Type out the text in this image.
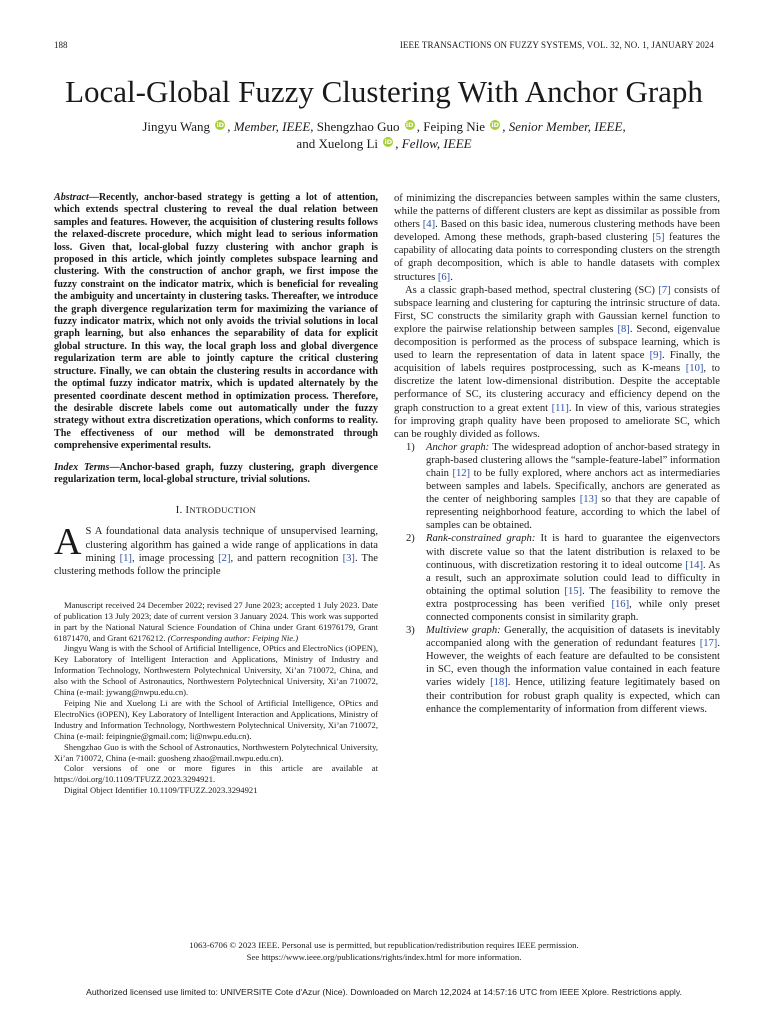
188	IEEE TRANSACTIONS ON FUZZY SYSTEMS, VOL. 32, NO. 1, JANUARY 2024
Local-Global Fuzzy Clustering With Anchor Graph
Jingyu Wang iD , Member, IEEE, Shengzhao Guo iD , Feiping Nie iD , Senior Member, IEEE,
and Xuelong Li iD , Fellow, IEEE

Abstract—Recently, anchor-based strategy is getting a lot of attention, which extends spectral clustering to reveal the dual relation between samples and features. However, the acquisition of clustering results follows the relaxed-discrete procedure, which might lead to serious information loss. Given that, local-global fuzzy clustering with anchor graph is proposed in this article, which jointly completes subspace learning and clustering. With the construction of anchor graph, we first impose the fuzzy constraint on the indicator matrix, which is beneficial for revealing the ambiguity and uncertainty in clustering tasks. Thereafter, we introduce the graph divergence regularization term for maximizing the variance of fuzzy indicator matrix, which not only avoids the trivial solutions in local graph learning, but also enhances the separability of data for explicit global structure. In this way, the local graph loss and global divergence regularization term are able to jointly capture the critical clustering structure. Finally, we can obtain the clustering results in accordance with the optimal fuzzy indicator matrix, which is updated alternately by the presented coordinate descent method in optimization process. Therefore, the desirable discrete labels come out automatically under the fuzzy strategy without extra discretization operations, which conforms to reality. The effectiveness of our method will be demonstrated through comprehensive experimental results.

Index Terms—Anchor-based graph, fuzzy clustering, graph divergence regularization term, local-global structure, trivial solutions.

I. INTRODUCTION

A S A foundational data analysis technique of unsupervised learning, clustering algorithm has gained a wide range of applications in data mining [1], image processing [2], and pattern recognition [3]. The clustering methods follow the principle

Manuscript received 24 December 2022; revised 27 June 2023; accepted 1 July 2023. Date of publication 13 July 2023; date of current version 3 January 2024. This work was supported in part by the National Natural Science Foundation of China under Grant 61976179, Grant 61871470, and Grant 62176212. (Corresponding author: Feiping Nie.)

Jingyu Wang is with the School of Artificial Intelligence, OPtics and ElectroNics (iOPEN), Key Laboratory of Intelligent Interaction and Applications, Ministry of Industry and Information Technology, Northwestern Polytechnical University, Xi’an 710072, China, and also with the School of Astronautics, Northwestern Polytechnical University, Xi’an 710072, China (e-mail: jywang@nwpu.edu.cn).

Feiping Nie and Xuelong Li are with the School of Artificial Intelligence, OPtics and ElectroNics (iOPEN), Key Laboratory of Intelligent Interaction and Applications, Ministry of Industry and Information Technology, Northwestern Polytechnical University, Xi’an 710072, China (e-mail: feipingnie@gmail.com; li@nwpu.edu.cn).

Shengzhao Guo is with the School of Astronautics, Northwestern Polytechnical University, Xi’an 710072, China (e-mail: guosheng zhao@mail.nwpu.edu.cn).

Color versions of one or more figures in this article are available at https://doi.org/10.1109/TFUZZ.2023.3294921.

Digital Object Identifier 10.1109/TFUZZ.2023.3294921

of minimizing the discrepancies between samples within the same clusters, while the patterns of different clusters are kept as dissimilar as possible from others [4]. Based on this basic idea, numerous clustering methods have been developed. Among these methods, graph-based clustering [5] features the capability of allocating data points to corresponding clusters on the strength of graph decomposition, which is able to handle datasets with complex structures [6].

As a classic graph-based method, spectral clustering (SC) [7] consists of subspace learning and clustering for capturing the intrinsic structure of data. First, SC constructs the similarity graph with Gaussian kernel function to explore the pairwise relationship between samples [8]. Second, eigenvalue decomposition is performed as the process of subspace learning, which is used to learn the representation of data in latent space [9]. Finally, the acquisition of labels requires postprocessing, such as K-means [10], to discretize the latent low-dimensional distribution. Despite the acceptable performance of SC, its clustering accuracy and efficiency depend on the graph construction to a great extent [11]. In view of this, various strategies for improving graph quality have been proposed to ameliorate SC, which can be roughly divided as follows.

1) Anchor graph: The widespread adoption of anchor-based strategy in graph-based clustering allows the “sample-feature-label” information chain [12] to be fully explored, where anchors act as intermediaries between samples and labels. Specifically, anchors are generated as the center of neighboring samples [13] so that they are capable of representing neighborhood feature, according to which the label of samples can be obtained.
2) Rank-constrained graph: It is hard to guarantee the eigenvectors with discrete value so that the latent distribution is relaxed to be continuous, with discretization restoring it to ideal outcome [14]. As a result, such an approximate solution could lead to difficulty in obtaining the optimal solution [15]. The feasibility to remove the extra postprocessing has been verified [16], while only preset connected components consist in similarity graph.
3) Multiview graph: Generally, the acquisition of datasets is inevitably accompanied along with the generation of redundant features [17]. However, the weights of each feature are defaulted to be consistent in SC, even though the information value contained in each feature varies widely [18]. Hence, utilizing feature legitimately based on their contribution for robust graph quality is expected, which can enhance the complementarity of information from different views.
1063-6706 © 2023 IEEE. Personal use is permitted, but republication/redistribution requires IEEE permission.
See https://www.ieee.org/publications/rights/index.html for more information.
Authorized licensed use limited to: UNIVERSITE Cote d'Azur (Nice). Downloaded on March 12,2024 at 14:57:16 UTC from IEEE Xplore. Restrictions apply.
